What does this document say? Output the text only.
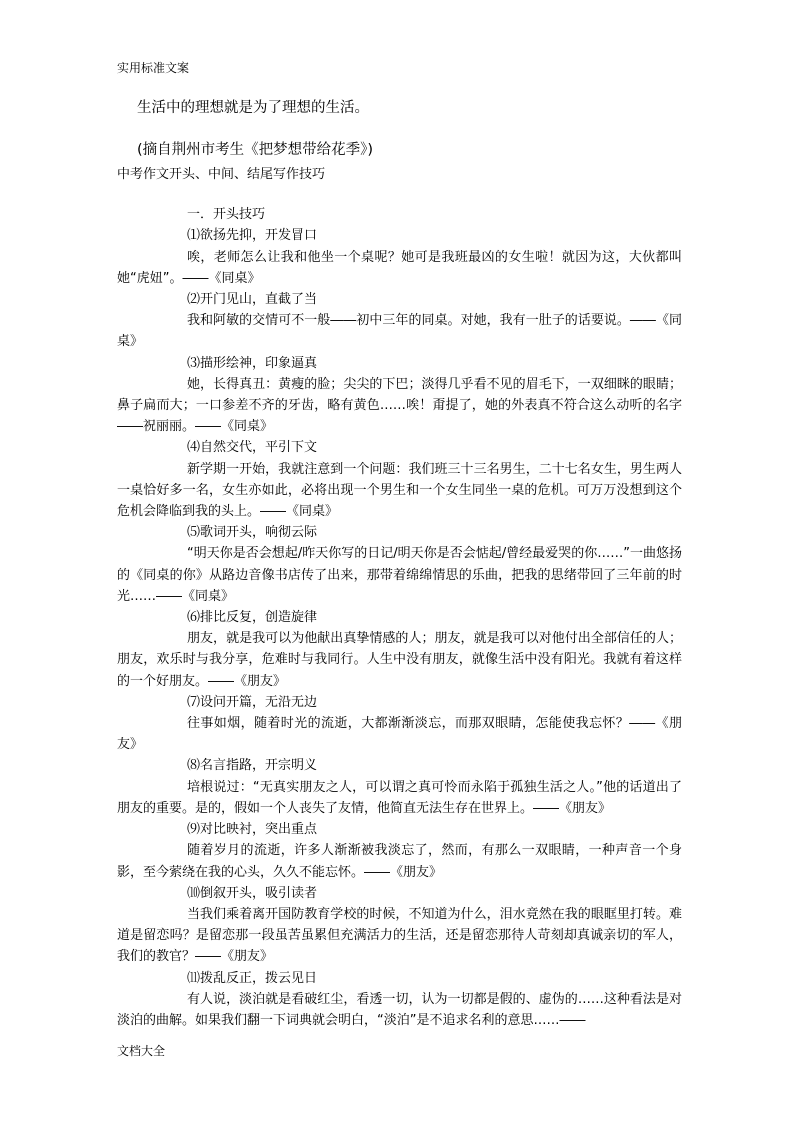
实用标准文案

生活中的理想就是为了理想的生活。

(摘自荆州市考生《把梦想带给花季》)

中考作文开头、中间、结尾写作技巧

一．开头技巧

⑴欲扬先抑，开发冒口

唉，老师怎么让我和他坐一个桌呢？她可是我班最凶的女生啦！就因为这，大伙都叫她“虎妞”。――《同桌》

⑵开门见山，直截了当

我和阿敏的交情可不一般――初中三年的同桌。对她，我有一肚子的话要说。――《同桌》

⑶描形绘神，印象逼真

她，长得真丑：黄瘦的脸；尖尖的下巴；淡得几乎看不见的眉毛下，一双细眯的眼睛；鼻子扁而大；一口参差不齐的牙齿，略有黄色……唉！甭提了，她的外表真不符合这么动听的名字――祝丽丽。――《同桌》

⑷自然交代，平引下文

新学期一开始，我就注意到一个问题：我们班三十三名男生，二十七名女生，男生两人一桌恰好多一名，女生亦如此，必将出现一个男生和一个女生同坐一桌的危机。可万万没想到这个危机会降临到我的头上。――《同桌》

⑸歌词开头，响彻云际

“明天你是否会想起/昨天你写的日记/明天你是否会惦起/曾经最爱哭的你……”一曲悠扬的《同桌的你》从路边音像书店传了出来，那带着绵绵情思的乐曲，把我的思绪带回了三年前的时光……――《同桌》

⑹排比反复，创造旋律

朋友，就是我可以为他献出真挚情感的人；朋友，就是我可以对他付出全部信任的人；朋友，欢乐时与我分享，危难时与我同行。人生中没有朋友，就像生活中没有阳光。我就有着这样的一个好朋友。――《朋友》

⑺设问开篇，无沿无边

往事如烟，随着时光的流逝，大都渐渐淡忘，而那双眼睛，怎能使我忘怀？――《朋友》

⑻名言指路，开宗明义

培根说过：“无真实朋友之人，可以谓之真可怜而永陷于孤独生活之人。”他的话道出了朋友的重要。是的，假如一个人丧失了友情，他简直无法生存在世界上。――《朋友》

⑼对比映衬，突出重点

随着岁月的流逝，许多人渐渐被我淡忘了，然而，有那么一双眼睛，一种声音一个身影，至今萦绕在我的心头，久久不能忘怀。――《朋友》

⑽倒叙开头，吸引读者

当我们乘着离开国防教育学校的时候，不知道为什么，泪水竟然在我的眼眶里打转。难道是留恋吗？是留恋那一段虽苦虽累但充满活力的生活，还是留恋那待人苛刻却真诚亲切的军人，我们的教官？――《朋友》

⑾拨乱反正，拨云见日

有人说，淡泊就是看破红尘，看透一切，认为一切都是假的、虚伪的……这种看法是对淡泊的曲解。如果我们翻一下词典就会明白，“淡泊”是不追求名利的意思……――

文档大全
